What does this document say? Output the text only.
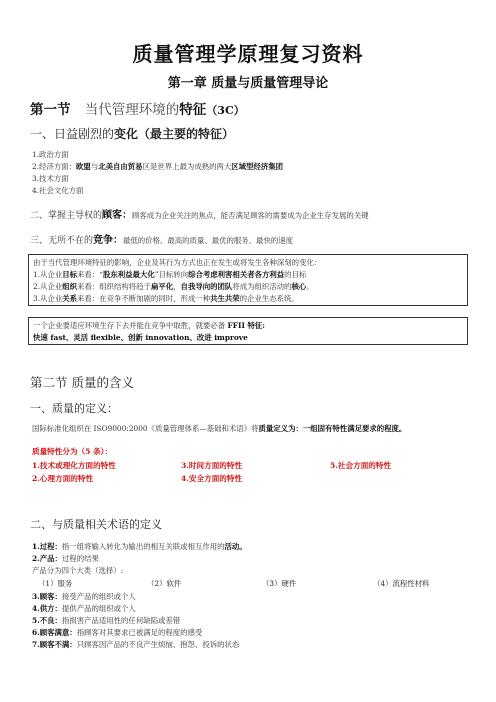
质量管理学原理复习资料
第一章 质量与质量管理导论
第一节 当代管理环境的特征（3C）
一、日益剧烈的变化（最主要的特征）
1.政治方面
2.经济方面：欧盟与北美自由贸易区是世界上最为成熟的两大区域型经济集团
3.技术方面
4.社会文化方面
二、掌握主导权的顾客：顾客成为企业关注的焦点，能否满足顾客的需要成为企业生存发展的关键
三、无所不在的竞争：最低的价格、最高的质量、最优的服务、最快的速度
由于当代管理环境特征的影响，企业及其行为方式也正在发生或将发生各种深刻的变化：
1.从企业目标来看：“股东利益最大化”目标转向综合考虑利害相关者各方利益的目标
2.从企业组织来看：组织结构将趋于扁平化，自我导向的团队将成为组织活动的核心。
3.从企业关系来看：在竞争不断加剧的同时，形成一种共生共荣的企业生态系统。
一个企业要适应环境生存下去并能在竞争中取胜，就要必备 FFII 特征:
快速 fast、灵活 flexible、创新 innovation、改进 improve
第二节 质量的含义
一、质量的定义：
国际标准化组织在 ISO9000:2000《质量管理体系—基础和术语》将质量定义为：一组固有特性满足要求的程度。
质量特性分为（5 条）：
1.技术或理化方面的特性	3.时间方面的特性	5.社会方面的特性
2.心理方面的特性	4.安全方面的特性
二、与质量相关术语的定义
1.过程：指一组将输入转化为输出的相互关联或相互作用的活动。
2.产品：过程的结果
产品分为四个大类（选择）:
（1）服务	（2）软件	（3）硬件	（4）流程性材料
3.顾客：接受产品的组织或个人
4.供方：提供产品的组织或个人
5.不良：指损害产品适用性的任何缺陷或差错
6.顾客满意：指顾客对其要求已被满足的程度的感受
7.顾客不满：只顾客因产品的不良产生烦恼、抱怨、投诉的状态
